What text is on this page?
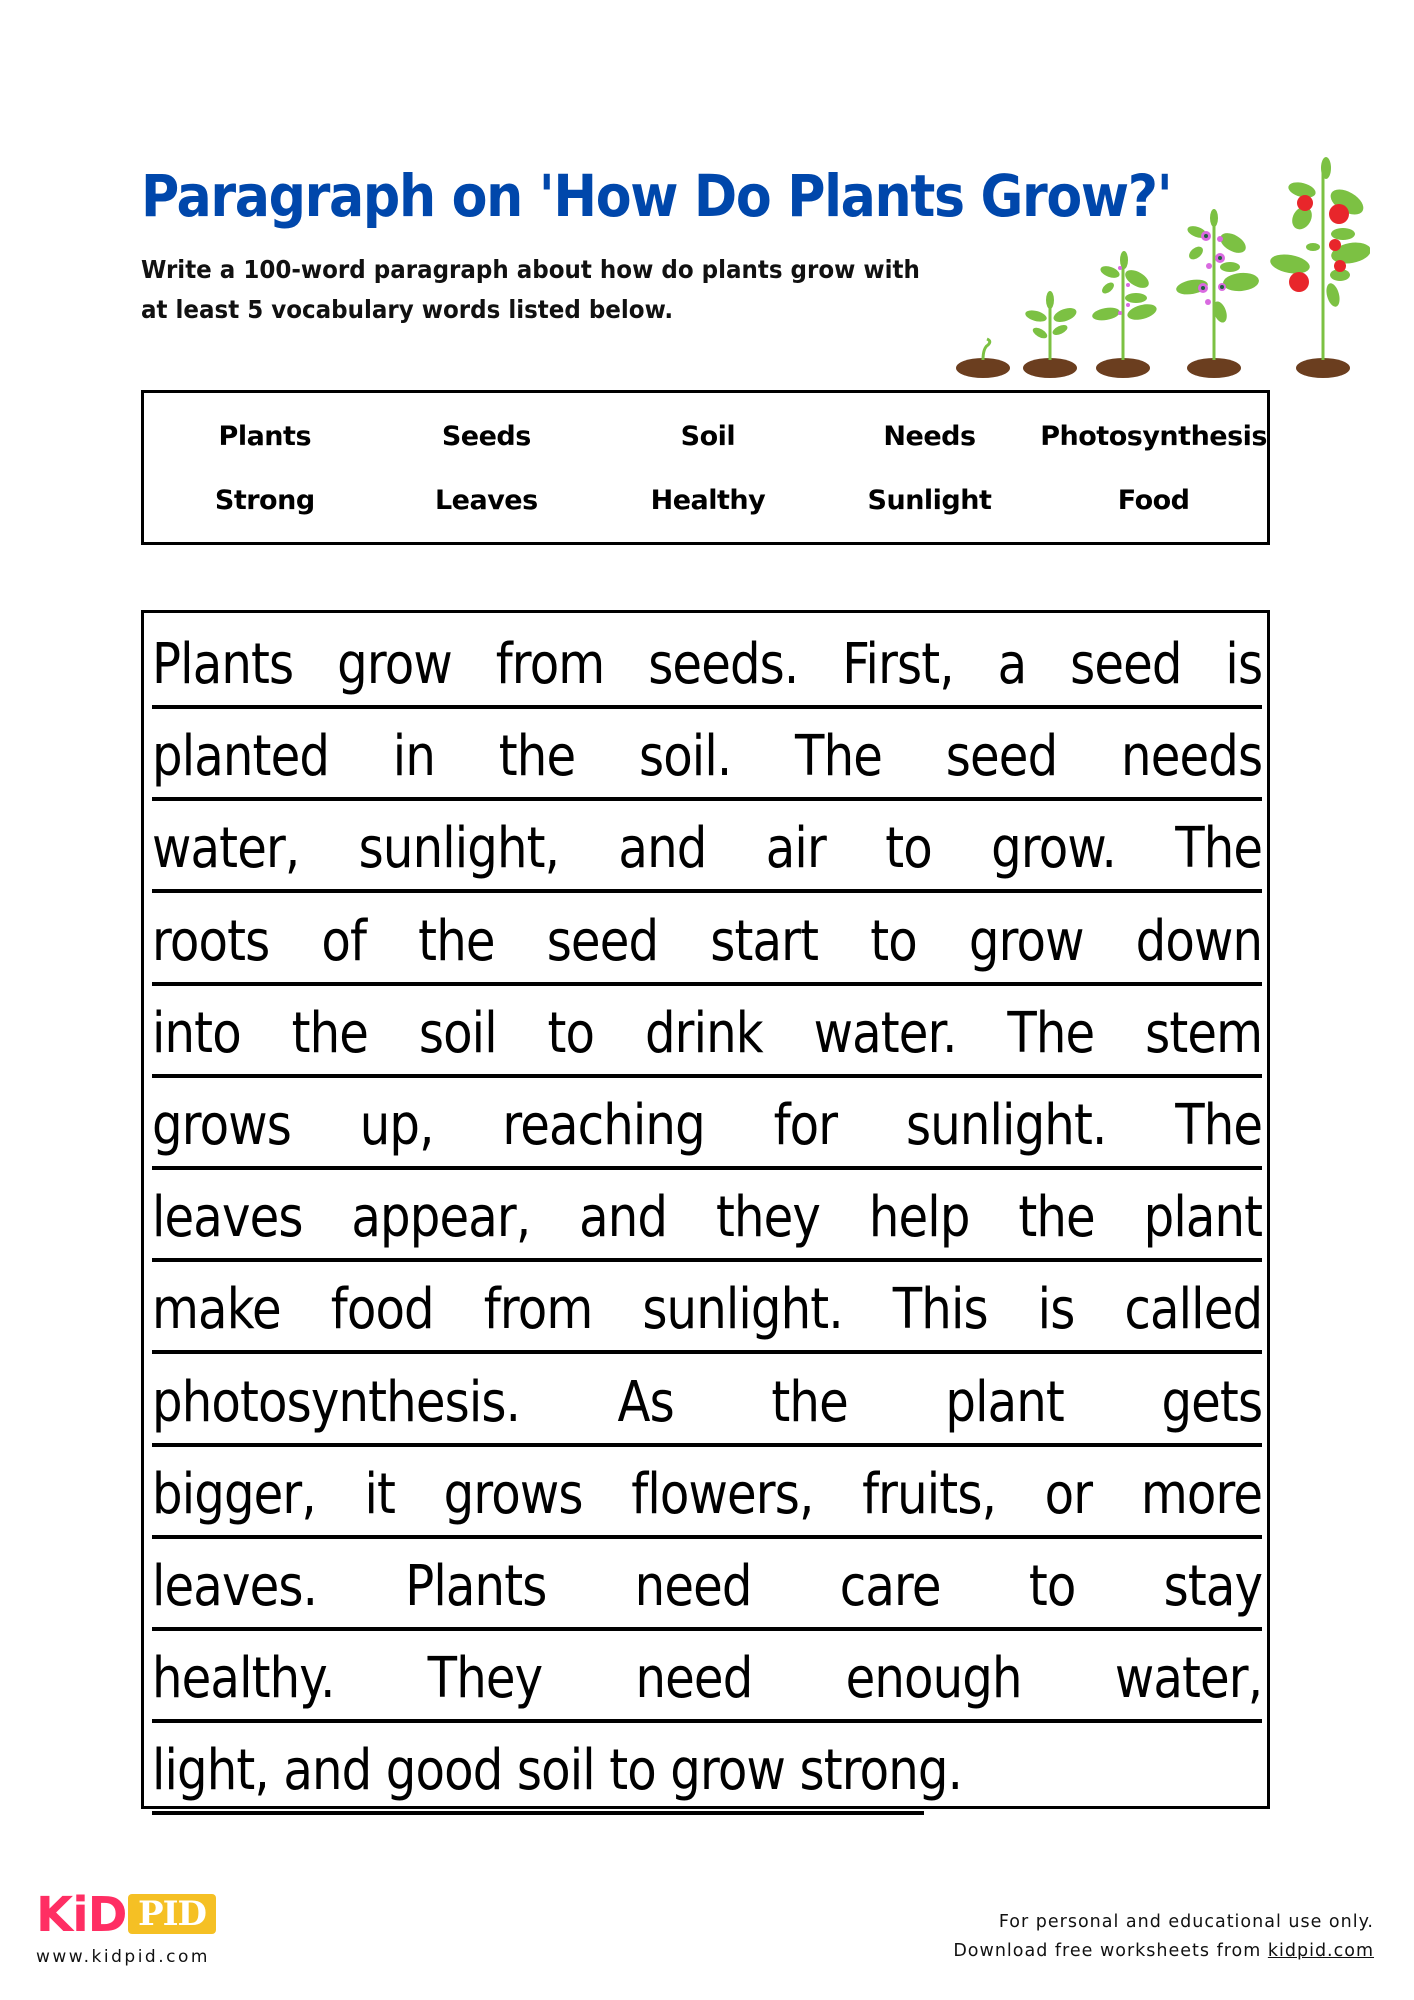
Paragraph on 'How Do Plants Grow?'
Write a 100-word paragraph about how do plants grow with
at least 5 vocabulary words listed below.
Plants	Seeds	Soil	Needs	Photosynthesis
Strong	Leaves	Healthy	Sunlight	Food
Plants grow from seeds. First, a seed is
planted in the soil. The seed needs
water, sunlight, and air to grow. The
roots of the seed start to grow down
into the soil to drink water. The stem
grows up, reaching for sunlight. The
leaves appear, and they help the plant
make food from sunlight. This is called
photosynthesis. As the plant gets
bigger, it grows flowers, fruits, or more
leaves. Plants need care to stay
healthy. They need enough water,
light, and good soil to grow strong.
KiD PID
www.kidpid.com
For personal and educational use only.
Download free worksheets from kidpid.com
